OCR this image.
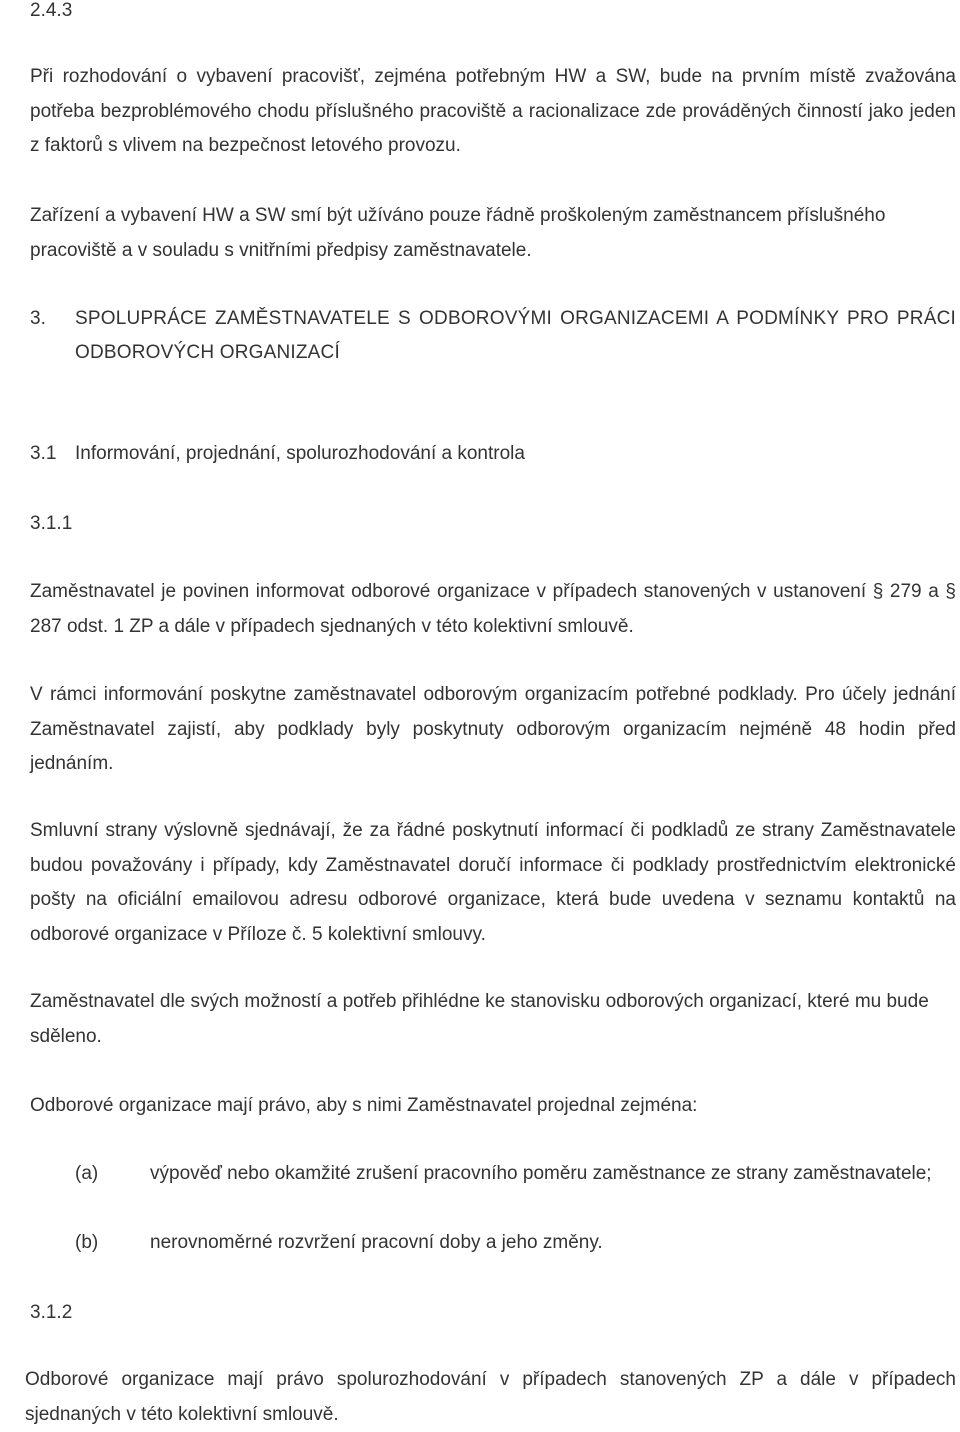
2.4.3

Při rozhodování o vybavení pracovišť, zejména potřebným HW a SW, bude na prvním místě zvažována potřeba bezproblémového chodu příslušného pracoviště a racionalizace zde prováděných činností jako jeden z faktorů s vlivem na bezpečnost letového provozu.

Zařízení a vybavení HW a SW smí být užíváno pouze řádně proškoleným zaměstnancem příslušného pracoviště a v souladu s vnitřními předpisy zaměstnavatele.

3. SPOLUPRÁCE ZAMĚSTNAVATELE S ODBOROVÝMI ORGANIZACEMI A PODMÍNKY PRO PRÁCI ODBOROVÝCH ORGANIZACÍ

3.1 Informování, projednání, spolurozhodování a kontrola
3.1.1

Zaměstnavatel je povinen informovat odborové organizace v případech stanovených v ustanovení § 279 a § 287 odst. 1 ZP a dále v případech sjednaných v této kolektivní smlouvě.

V rámci informování poskytne zaměstnavatel odborovým organizacím potřebné podklady. Pro účely jednání Zaměstnavatel zajistí, aby podklady byly poskytnuty odborovým organizacím nejméně 48 hodin před jednáním.

Smluvní strany výslovně sjednávají, že za řádné poskytnutí informací či podkladů ze strany Zaměstnavatele budou považovány i případy, kdy Zaměstnavatel doručí informace či podklady prostřednictvím elektronické pošty na oficiální emailovou adresu odborové organizace, která bude uvedena v seznamu kontaktů na odborové organizace v Příloze č. 5 kolektivní smlouvy.

Zaměstnavatel dle svých možností a potřeb přihlédne ke stanovisku odborových organizací, které mu bude sděleno.

Odborové organizace mají právo, aby s nimi Zaměstnavatel projednal zejména:

(a)	výpověď nebo okamžité zrušení pracovního poměru zaměstnance ze strany zaměstnavatele;
(b)	nerovnoměrné rozvržení pracovní doby a jeho změny.
3.1.2

Odborové organizace mají právo spolurozhodování v případech stanovených ZP a dále v případech sjednaných v této kolektivní smlouvě.
